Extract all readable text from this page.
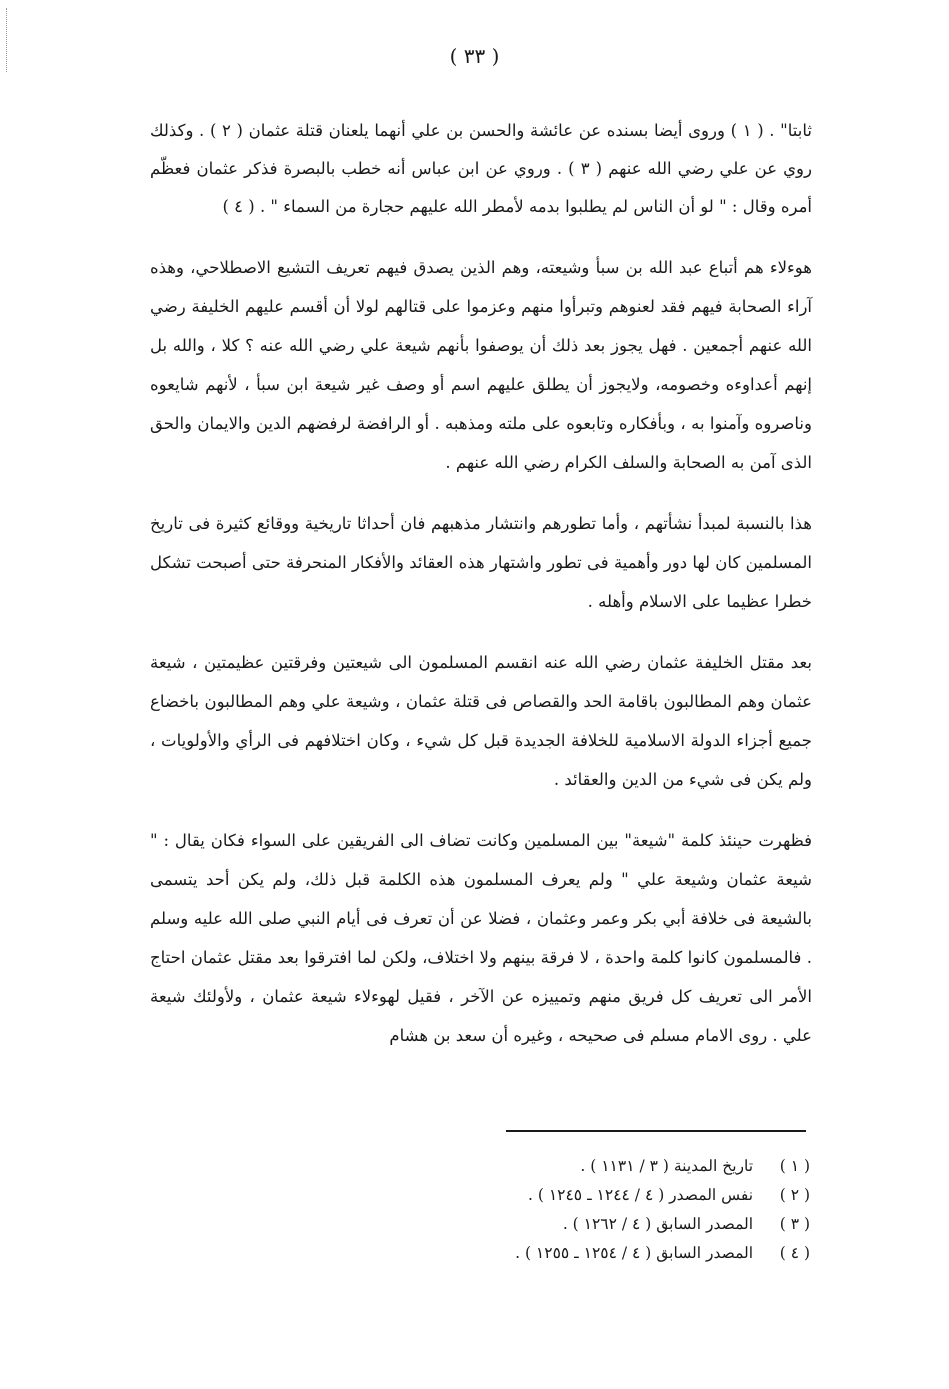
( ٣٣ )

ثابتا" . ( ١ ) وروى أيضا بسنده عن عائشة والحسن بن علي أنهما يلعنان قتلة عثمان ( ٢ ) . وكذلك روي عن علي رضي الله عنهم ( ٣ ) . وروي عن ابن عباس أنه خطب بالبصرة فذكر عثمان فعظّم أمره وقال : " لو أن الناس لم يطلبوا بدمه لأمطر الله عليهم حجارة من السماء " . ( ٤ )

هوءلاء هم أتباع عبد الله بن سبأ وشيعته، وهم الذين يصدق فيهم تعريف التشيع الاصطلاحي، وهذه آراء الصحابة فيهم فقد لعنوهم وتبرأوا منهم وعزموا على قتالهم لولا أن أقسم عليهم الخليفة رضي الله عنهم أجمعين . فهل يجوز بعد ذلك أن يوصفوا بأنهم شيعة علي رضي الله عنه ؟ كلا ، والله بل إنهم أعداوءه وخصومه، ولايجوز أن يطلق عليهم اسم أو وصف غير شيعة ابن سبأ ، لأنهم شايعوه وناصروه وآمنوا به ، وبأفكاره وتابعوه على ملته ومذهبه . أو الرافضة لرفضهم الدين والايمان والحق الذى آمن به الصحابة والسلف الكرام رضي الله عنهم .

هذا بالنسبة لمبدأ نشأتهم ، وأما تطورهم وانتشار مذهبهم فان أحداثا تاريخية ووقائع كثيرة فى تاريخ المسلمين كان لها دور وأهمية فى تطور واشتهار هذه العقائد والأفكار المنحرفة حتى أصبحت تشكل خطرا عظيما على الاسلام وأهله .

بعد مقتل الخليفة عثمان رضي الله عنه انقسم المسلمون الى شيعتين وفرقتين عظيمتين ، شيعة عثمان وهم المطالبون باقامة الحد والقصاص فى قتلة عثمان ، وشيعة علي وهم المطالبون باخضاع جميع أجزاء الدولة الاسلامية للخلافة الجديدة قبل كل شيء ، وكان اختلافهم فى الرأي والأولويات ، ولم يكن فى شيء من الدين والعقائد .

فظهرت حينئذ كلمة "شيعة" بين المسلمين وكانت تضاف الى الفريقين على السواء فكان يقال : " شيعة عثمان وشيعة علي " ولم يعرف المسلمون هذه الكلمة قبل ذلك، ولم يكن أحد يتسمى بالشيعة فى خلافة أبي بكر وعمر وعثمان ، فضلا عن أن تعرف فى أيام النبي صلى الله عليه وسلم . فالمسلمون كانوا كلمة واحدة ، لا فرقة بينهم ولا اختلاف، ولكن لما افترقوا بعد مقتل عثمان احتاج الأمر الى تعريف كل فريق منهم وتمييزه عن الآخر ، فقيل لهوءلاء شيعة عثمان ، ولأولئك شيعة علي . روى الامام مسلم فى صحيحه ، وغيره أن سعد بن هشام

( ١ ) تاريخ المدينة ( ٣ / ١١٣١ ) .

( ٢ ) نفس المصدر ( ٤ / ١٢٤٤ ـ ١٢٤٥ ) .

( ٣ ) المصدر السابق ( ٤ / ١٢٦٢ ) .

( ٤ ) المصدر السابق ( ٤ / ١٢٥٤ ـ ١٢٥٥ ) .
